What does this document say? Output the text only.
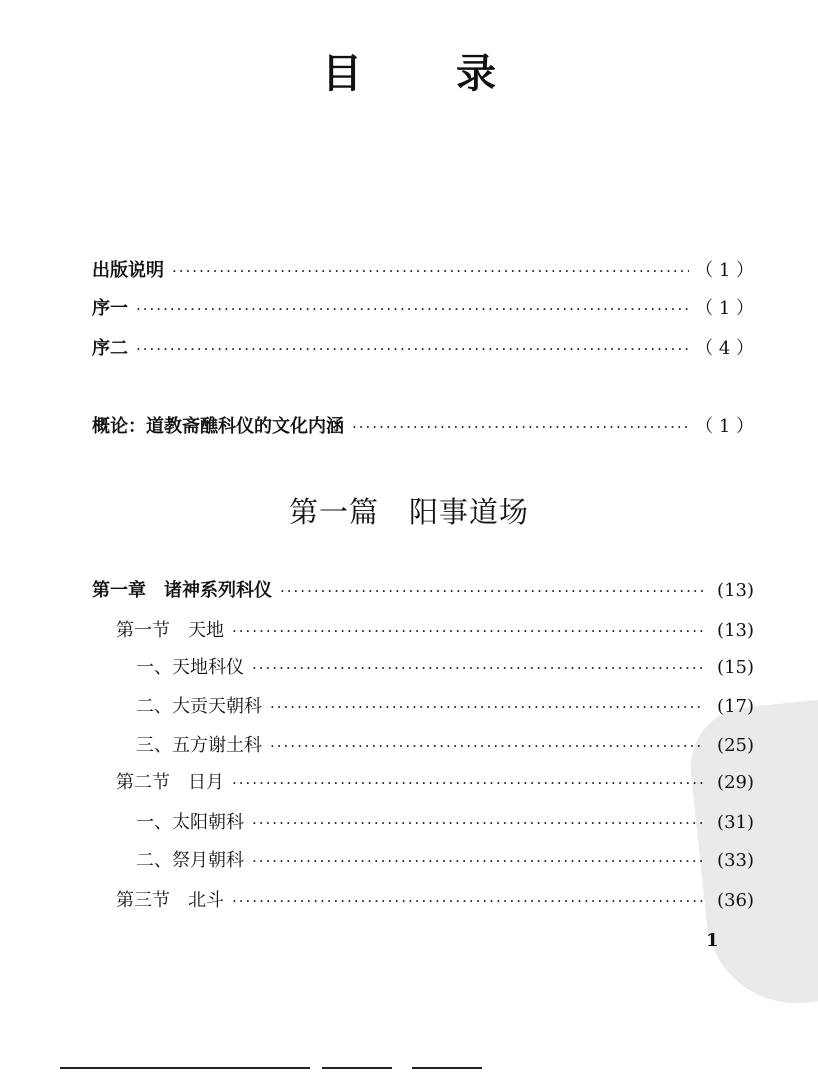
目 录
出版说明 ·····	（ 1 ）
序一 ·····	（ 1 ）
序二 ·····	（ 4 ）
概论：道教斋醮科仪的文化内涵 ·····	（ 1 ）
第一篇　阳事道场
第一章　诸神系列科仪 ·····	(13)
第一节　天地 ·····	(13)
一、天地科仪 ·····	(15)
二、大贡天朝科 ·····	(17)
三、五方谢土科 ·····	(25)
第二节　日月 ·····	(29)
一、太阳朝科 ·····	(31)
二、祭月朝科 ·····	(33)
第三节　北斗 ·····	(36)
1
